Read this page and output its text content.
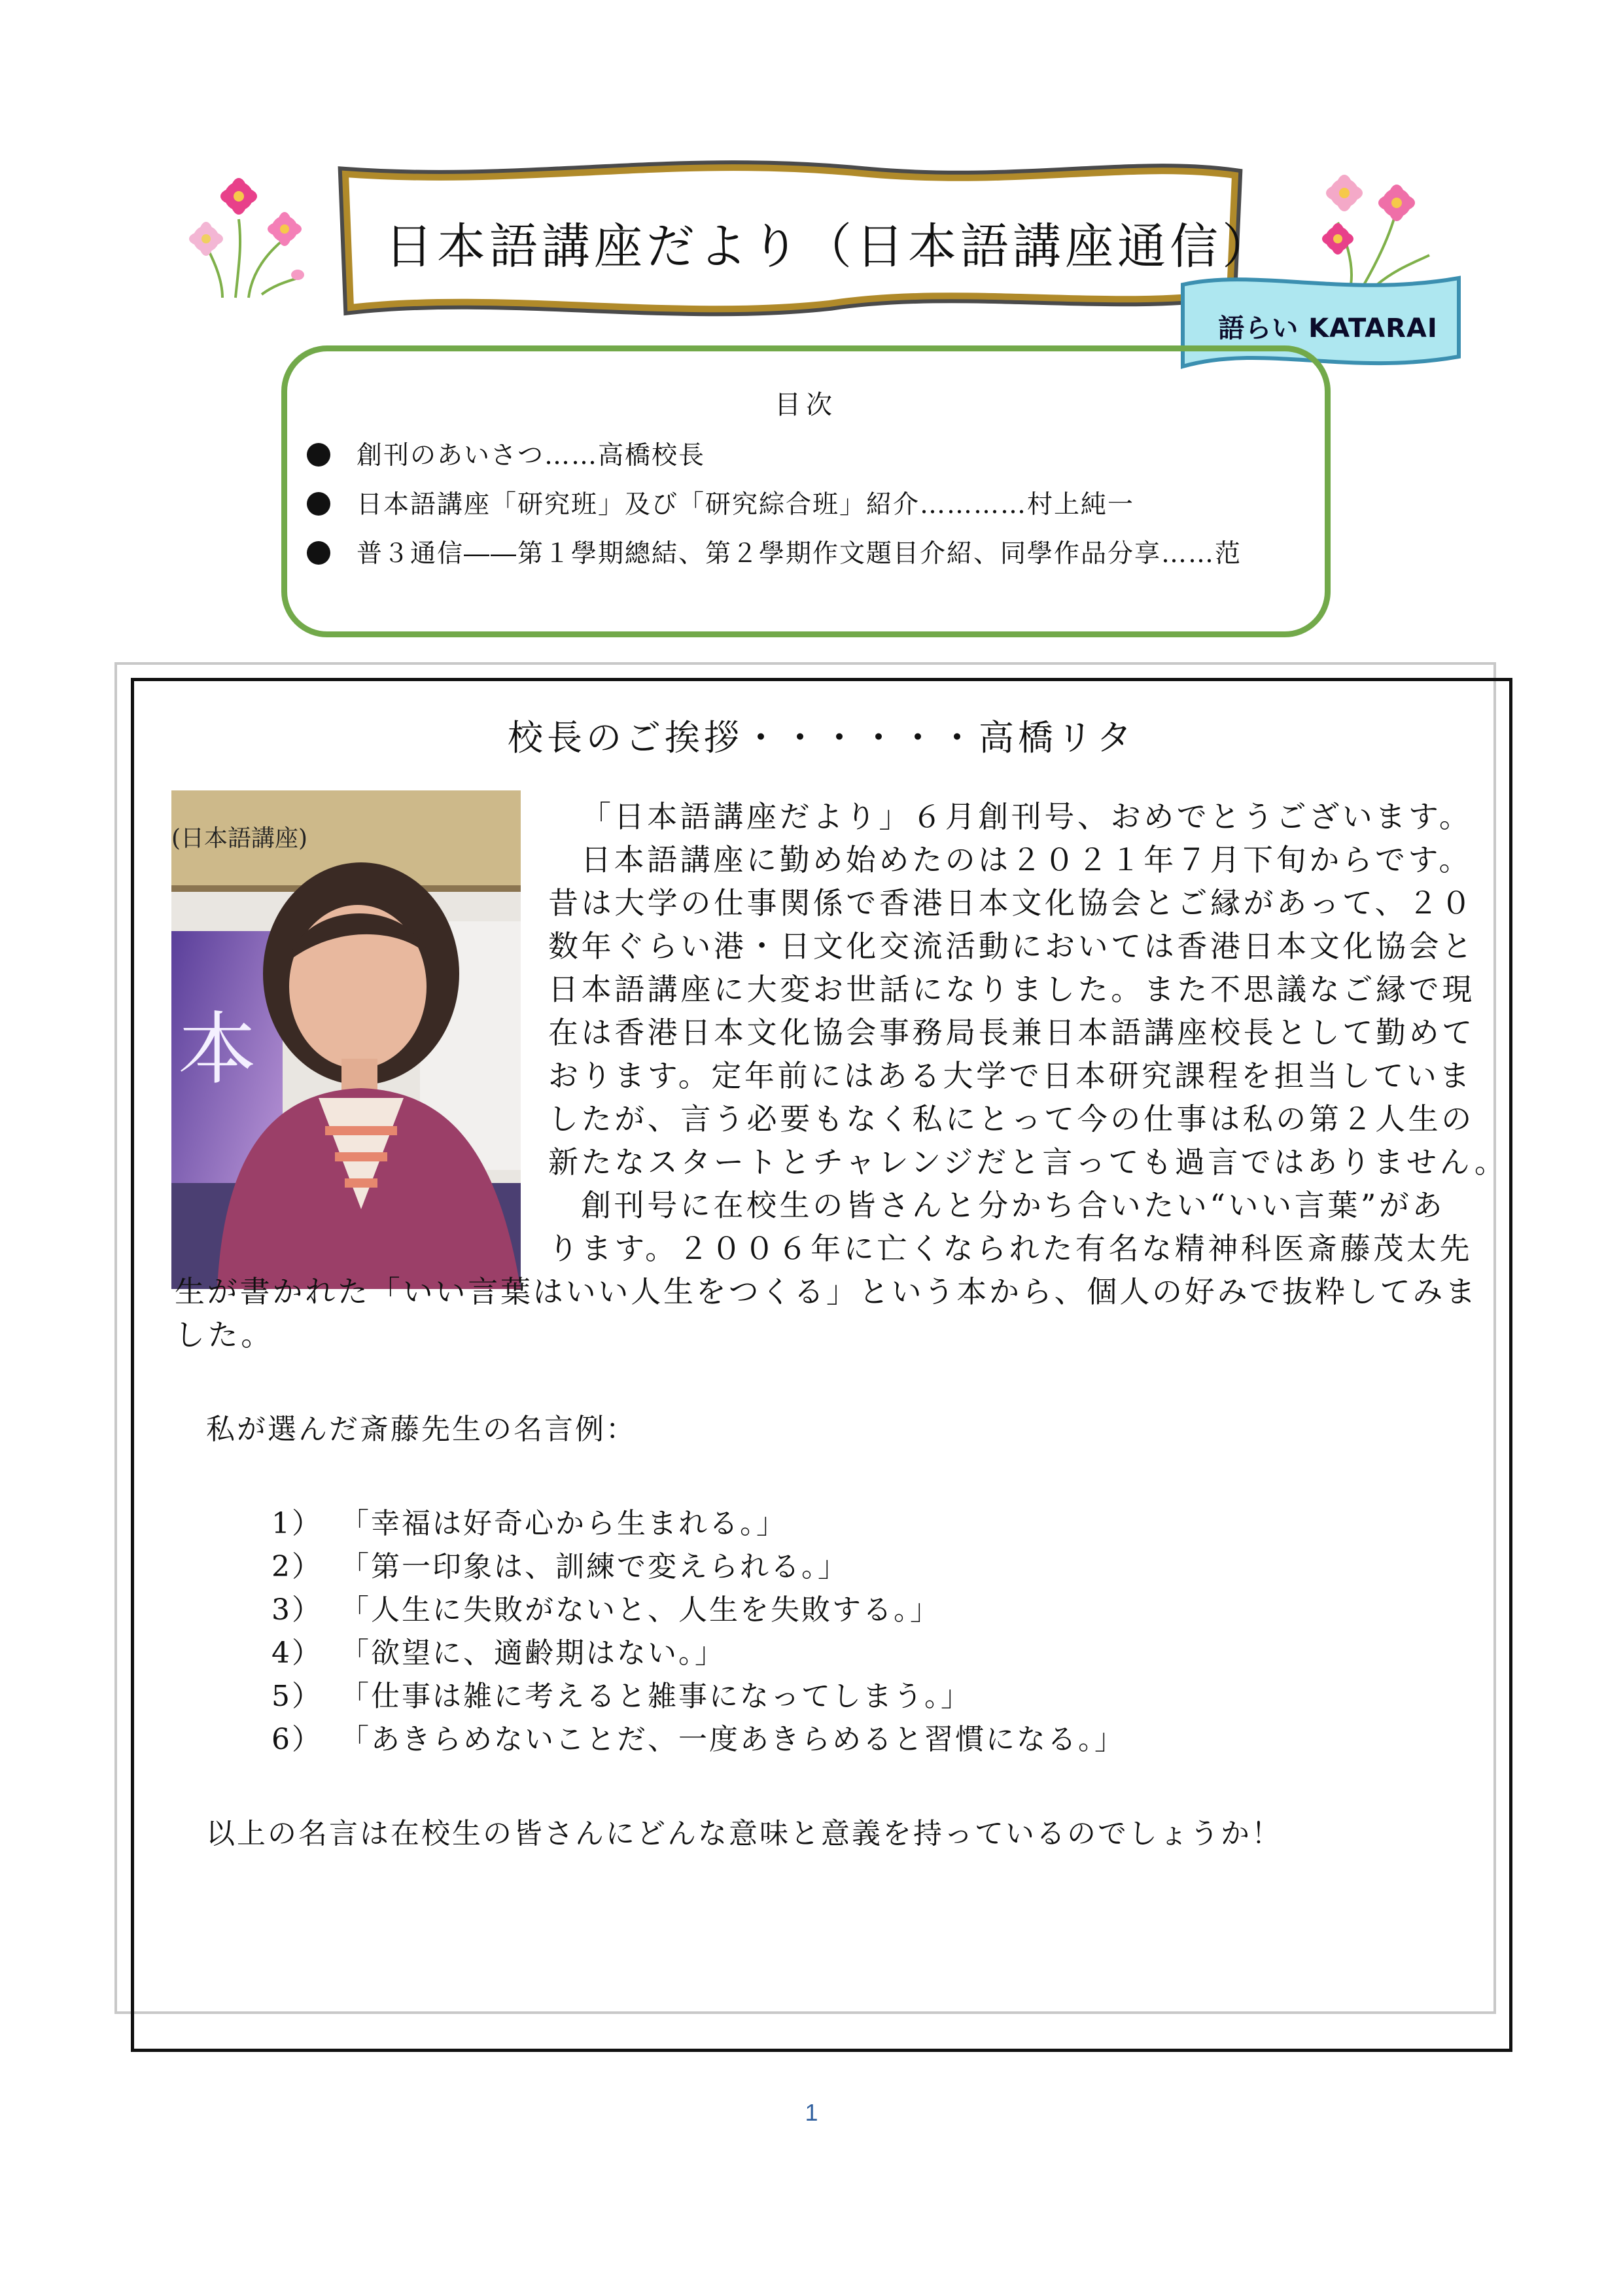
日本語講座だより（日本語講座通信）
語らい KATARAI
目次
創刊のあいさつ……高橋校長
日本語講座「研究班」及び「研究綜合班」紹介…………村上純一
普３通信――第１學期總結、第２學期作文題目介紹、同學作品分享……范
校長のご挨拶・・・・・・高橋リタ
(日本語講座)
本
「日本語講座だより」６月創刊号、おめでとうございます。
日本語講座に勤め始めたのは２０２１年７月下旬からです。
昔は大学の仕事関係で香港日本文化協会とご縁があって、２０
数年ぐらい港・日文化交流活動においては香港日本文化協会と
日本語講座に大変お世話になりました。また不思議なご縁で現
在は香港日本文化協会事務局長兼日本語講座校長として勤めて
おります。定年前にはある大学で日本研究課程を担当していま
したが、言う必要もなく私にとって今の仕事は私の第２人生の
新たなスタートとチャレンジだと言っても過言ではありません。
創刊号に在校生の皆さんと分かち合いたい“いい言葉”があ
ります。２００６年に亡くなられた有名な精神科医斎藤茂太先
生が書かれた「いい言葉はいい人生をつくる」という本から、個人の好みで抜粋してみま
した。
私が選んだ斎藤先生の名言例：
1） 「幸福は好奇心から生まれる。」
2） 「第一印象は、訓練で変えられる。」
3） 「人生に失敗がないと、人生を失敗する。」
4） 「欲望に、適齢期はない。」
5） 「仕事は雑に考えると雑事になってしまう。」
6） 「あきらめないことだ、一度あきらめると習慣になる。」
以上の名言は在校生の皆さんにどんな意味と意義を持っているのでしょうか！
1
